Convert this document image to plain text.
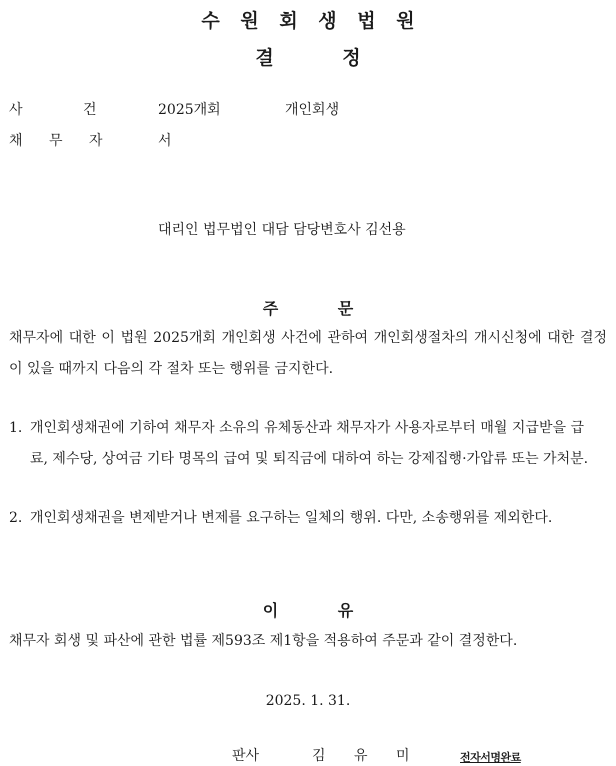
수 원 회 생 법 원
결 정
사 건	2025개회	개인회생
채 무 자	서
대리인 법무법인 대담 담당변호사 김선용
주 문
채무자에 대한 이 법원 2025개회 개인회생 사건에 관하여 개인회생절차의 개시신청에 대한 결정이 있을 때까지 다음의 각 절차 또는 행위를 금지한다.
1. 개인회생채권에 기하여 채무자 소유의 유체동산과 채무자가 사용자로부터 매월 지급받을 급료, 제수당, 상여금 기타 명목의 급여 및 퇴직금에 대하여 하는 강제집행·가압류 또는 가처분.
2. 개인회생채권을 변제받거나 변제를 요구하는 일체의 행위. 다만, 소송행위를 제외한다.
이 유
채무자 회생 및 파산에 관한 법률 제593조 제1항을 적용하여 주문과 같이 결정한다.
2025. 1. 31.
판사	김 유 미	전자서명완료
